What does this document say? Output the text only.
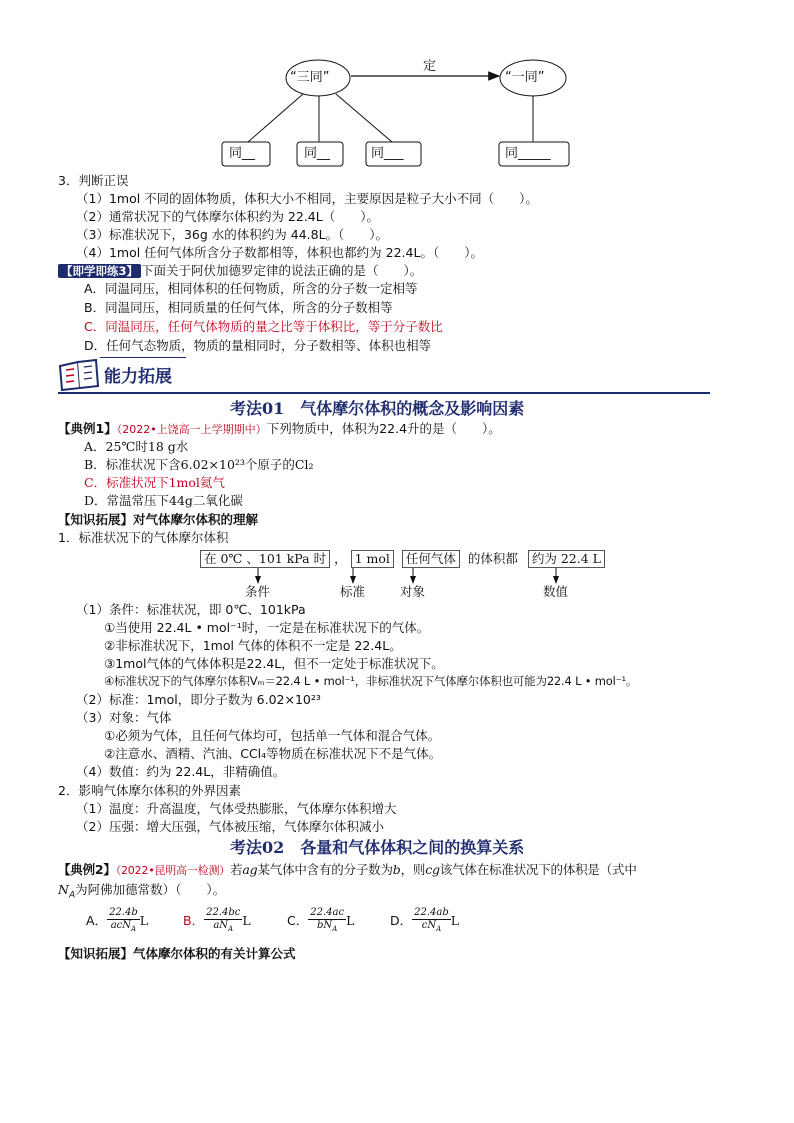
“三同”	“一同”
定
同__	同__	同___	同_____
3．判断正误
（1）1mol 不同的固体物质，体积大小不相同，主要原因是粒子大小不同（　　）。
（2）通常状况下的气体摩尔体积约为 22.4L（　　）。
（3）标准状况下，36g 水的体积约为 44.8L。（　　）。
（4）1mol 任何气体所含分子数都相等，体积也都约为 22.4L。（　　）。
【即学即练3】 下面关于阿伏加德罗定律的说法正确的是（　　）。
A．同温同压，相同体积的任何物质，所含的分子数一定相等
B．同温同压，相同质量的任何气体，所含的分子数相等
C．同温同压，任何气体物质的量之比等于体积比，等于分子数比
D．任何气态物质，物质的量相同时，分子数相等、体积也相等
能力拓展
考法01　气体摩尔体积的概念及影响因素
【典例1】（2022•上饶高一上学期期中）下列物质中，体积为22.4升的是（　　）。
A．25℃时18 g水
B．标准状况下含6.02×10²³个原子的Cl₂
C．标准状况下1mol氦气
D．常温常压下44g二氧化碳
【知识拓展】对气体摩尔体积的理解
1．标准状况下的气体摩尔体积
在 0℃ 、101 kPa 时 ， 1 mol 任何气体 的体积都 约为 22.4 L
条件	标准	对象	数值
（1）条件：标准状况，即 0℃、101kPa
①当使用 22.4L • mol⁻¹时，一定是在标准状况下的气体。
②非标准状况下，1mol 气体的体积不一定是 22.4L。
③1mol气体的气体体积是22.4L，但不一定处于标准状况下。
④标准状况下的气体摩尔体积Vₘ＝22.4 L • mol⁻¹，非标准状况下气体摩尔体积也可能为22.4 L • mol⁻¹。
（2）标准：1mol，即分子数为 6.02×10²³
（3）对象：气体
①必须为气体，且任何气体均可，包括单一气体和混合气体。
②注意水、酒精、汽油、CCl₄等物质在标准状况下不是气体。
（4）数值：约为 22.4L，非精确值。
2．影响气体摩尔体积的外界因素
（1）温度：升高温度，气体受热膨胀，气体摩尔体积增大
（2）压强：增大压强，气体被压缩，气体摩尔体积减小
考法02　各量和气体体积之间的换算关系
【典例2】（2022•昆明高一检测）若ag某气体中含有的分子数为b，则cg该气体在标准状况下的体积是（式中
$N_A$为阿佛加德常数）（　　）。
A． $\frac{22.4b}{acN_A}$ L	B． $\frac{22.4bc}{aN_A}$ L	C． $\frac{22.4ac}{bN_A}$ L	D． $\frac{22.4ab}{cN_A}$ L
【知识拓展】气体摩尔体积的有关计算公式
